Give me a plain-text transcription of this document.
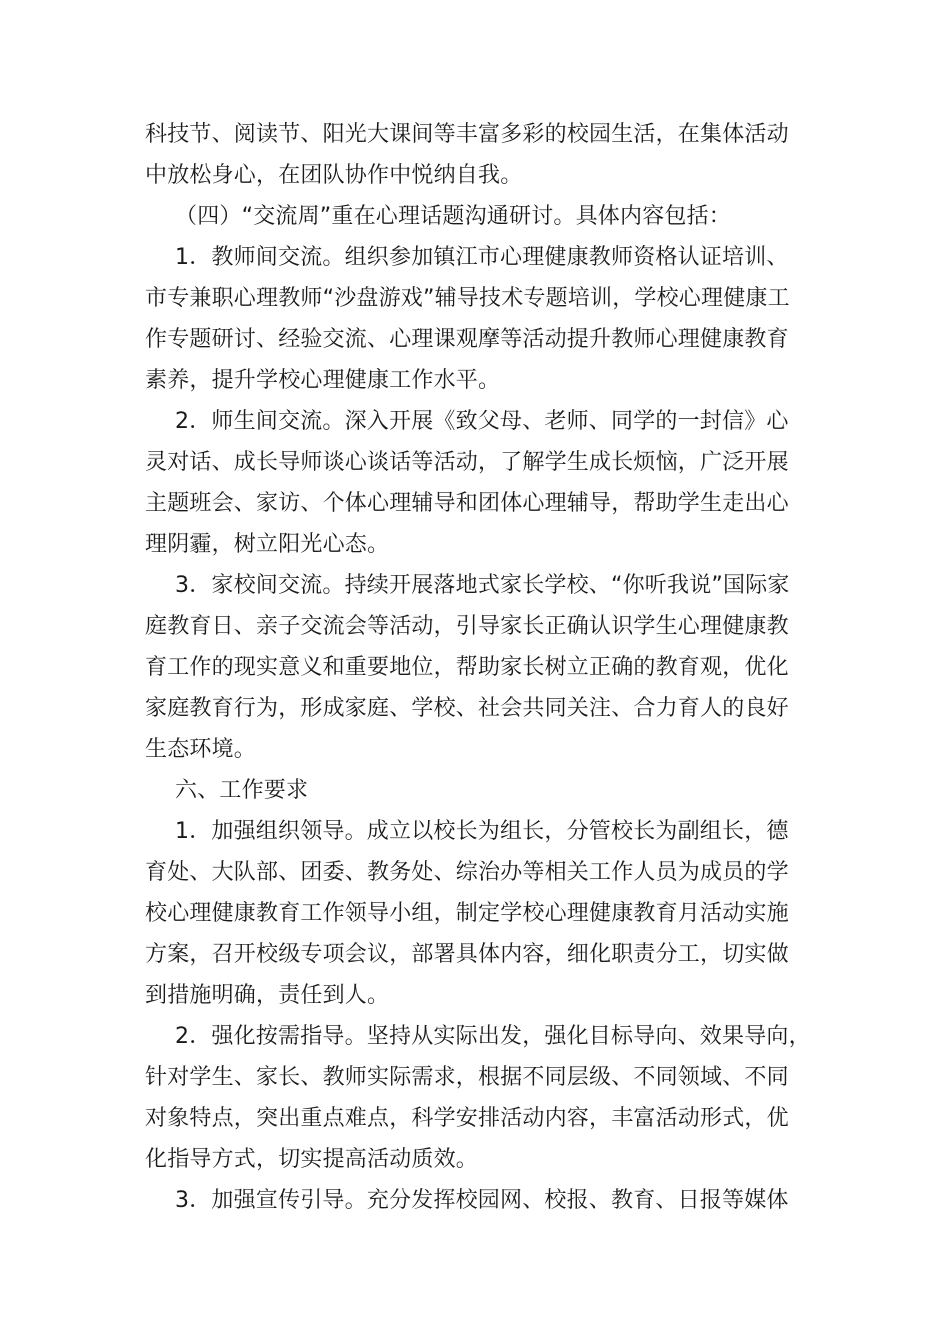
科技节、阅读节、阳光大课间等丰富多彩的校园生活，在集体活动
中放松身心，在团队协作中悦纳自我。
（四）“交流周”重在心理话题沟通研讨。具体内容包括：
1．教师间交流。组织参加镇江市心理健康教师资格认证培训、
市专兼职心理教师“沙盘游戏”辅导技术专题培训，学校心理健康工
作专题研讨、经验交流、心理课观摩等活动提升教师心理健康教育
素养，提升学校心理健康工作水平。
2．师生间交流。深入开展《致父母、老师、同学的一封信》心
灵对话、成长导师谈心谈话等活动，了解学生成长烦恼，广泛开展
主题班会、家访、个体心理辅导和团体心理辅导，帮助学生走出心
理阴霾，树立阳光心态。
3．家校间交流。持续开展落地式家长学校、“你听我说”国际家
庭教育日、亲子交流会等活动，引导家长正确认识学生心理健康教
育工作的现实意义和重要地位，帮助家长树立正确的教育观，优化
家庭教育行为，形成家庭、学校、社会共同关注、合力育人的良好
生态环境。
六、工作要求
1．加强组织领导。成立以校长为组长，分管校长为副组长，德
育处、大队部、团委、教务处、综治办等相关工作人员为成员的学
校心理健康教育工作领导小组，制定学校心理健康教育月活动实施
方案，召开校级专项会议，部署具体内容，细化职责分工，切实做
到措施明确，责任到人。
2．强化按需指导。坚持从实际出发，强化目标导向、效果导向，
针对学生、家长、教师实际需求，根据不同层级、不同领域、不同
对象特点，突出重点难点，科学安排活动内容，丰富活动形式，优
化指导方式，切实提高活动质效。
3．加强宣传引导。充分发挥校园网、校报、教育、日报等媒体
